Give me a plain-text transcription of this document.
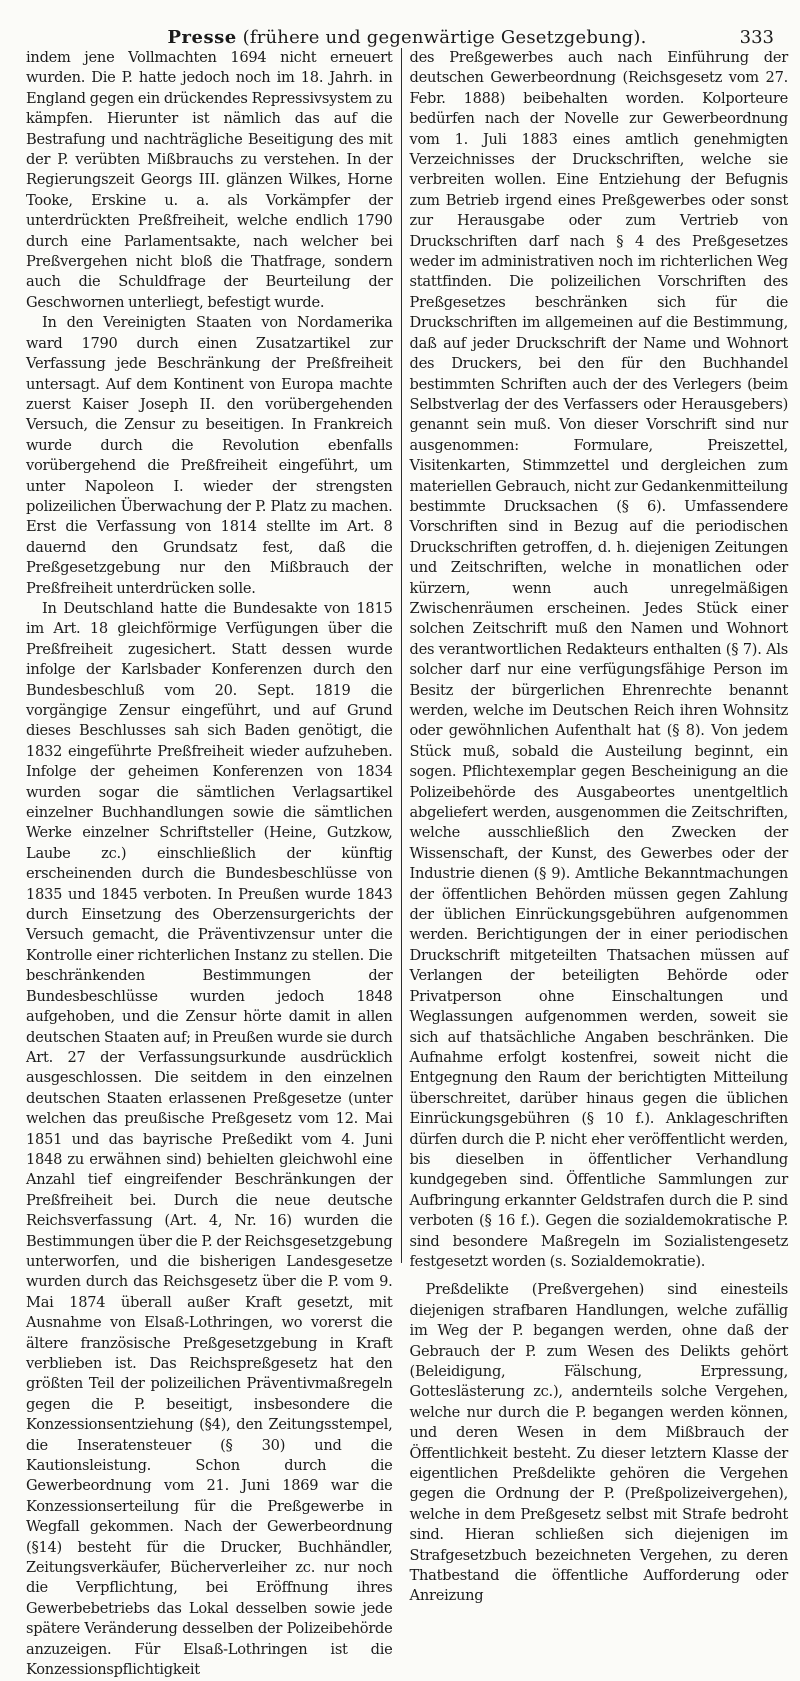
Presse (frühere und gegenwärtige Gesetzgebung).	333

indem jene Vollmachten 1694 nicht erneuert wurden. Die P. hatte jedoch noch im 18. Jahrh. in England gegen ein drückendes Repressivsystem zu kämpfen. Hierunter ist nämlich das auf die Bestrafung und nachträgliche Beseitigung des mit der P. verübten Mißbrauchs zu verstehen. In der Regierungszeit Georgs III. glänzen Wilkes, Horne Tooke, Erskine u. a. als Vorkämpfer der unterdrückten Preßfreiheit, welche endlich 1790 durch eine Parlamentsakte, nach welcher bei Preßvergehen nicht bloß die Thatfrage, sondern auch die Schuldfrage der Beurteilung der Geschwornen unterliegt, befestigt wurde.

In den Vereinigten Staaten von Nordamerika ward 1790 durch einen Zusatzartikel zur Verfassung jede Beschränkung der Preßfreiheit untersagt. Auf dem Kontinent von Europa machte zuerst Kaiser Joseph II. den vorübergehenden Versuch, die Zensur zu beseitigen. In Frankreich wurde durch die Revolution ebenfalls vorübergehend die Preßfreiheit eingeführt, um unter Napoleon I. wieder der strengsten polizeilichen Überwachung der P. Platz zu machen. Erst die Verfassung von 1814 stellte im Art. 8 dauernd den Grundsatz fest, daß die Preßgesetzgebung nur den Mißbrauch der Preßfreiheit unterdrücken solle.

In Deutschland hatte die Bundesakte von 1815 im Art. 18 gleichförmige Verfügungen über die Preßfreiheit zugesichert. Statt dessen wurde infolge der Karlsbader Konferenzen durch den Bundesbeschluß vom 20. Sept. 1819 die vorgängige Zensur eingeführt, und auf Grund dieses Beschlusses sah sich Baden genötigt, die 1832 eingeführte Preßfreiheit wieder aufzuheben. Infolge der geheimen Konferenzen von 1834 wurden sogar die sämtlichen Verlagsartikel einzelner Buchhandlungen sowie die sämtlichen Werke einzelner Schriftsteller (Heine, Gutzkow, Laube zc.) einschließlich der künftig erscheinenden durch die Bundesbeschlüsse von 1835 und 1845 verboten. In Preußen wurde 1843 durch Einsetzung des Oberzensurgerichts der Versuch gemacht, die Präventivzensur unter die Kontrolle einer richterlichen Instanz zu stellen. Die beschränkenden Bestimmungen der Bundesbeschlüsse wurden jedoch 1848 aufgehoben, und die Zensur hörte damit in allen deutschen Staaten auf; in Preußen wurde sie durch Art. 27 der Verfassungsurkunde ausdrücklich ausgeschlossen. Die seitdem in den einzelnen deutschen Staaten erlassenen Preßgesetze (unter welchen das preußische Preßgesetz vom 12. Mai 1851 und das bayrische Preßedikt vom 4. Juni 1848 zu erwähnen sind) behielten gleichwohl eine Anzahl tief eingreifender Beschränkungen der Preßfreiheit bei. Durch die neue deutsche Reichsverfassung (Art. 4, Nr. 16) wurden die Bestimmungen über die P. der Reichsgesetzgebung unterworfen, und die bisherigen Landesgesetze wurden durch das Reichsgesetz über die P. vom 9. Mai 1874 überall außer Kraft gesetzt, mit Ausnahme von Elsaß-Lothringen, wo vorerst die ältere französische Preßgesetzgebung in Kraft verblieben ist. Das Reichspreßgesetz hat den größten Teil der polizeilichen Präventivmaßregeln gegen die P. beseitigt, insbesondere die Konzessionsentziehung (§4), den Zeitungsstempel, die Inseratensteuer (§ 30) und die Kautionsleistung. Schon durch die Gewerbeordnung vom 21. Juni 1869 war die Konzessionserteilung für die Preßgewerbe in Wegfall gekommen. Nach der Gewerbeordnung (§14) besteht für die Drucker, Buchhändler, Zeitungsverkäufer, Bücherverleiher zc. nur noch die Verpflichtung, bei Eröffnung ihres Gewerbebetriebs das Lokal desselben sowie jede spätere Veränderung desselben der Polizeibehörde anzuzeigen. Für Elsaß-Lothringen ist die Konzessionspflichtigkeit

des Preßgewerbes auch nach Einführung der deutschen Gewerbeordnung (Reichsgesetz vom 27. Febr. 1888) beibehalten worden. Kolporteure bedürfen nach der Novelle zur Gewerbeordnung vom 1. Juli 1883 eines amtlich genehmigten Verzeichnisses der Druckschriften, welche sie verbreiten wollen. Eine Entziehung der Befugnis zum Betrieb irgend eines Preßgewerbes oder sonst zur Herausgabe oder zum Vertrieb von Druckschriften darf nach § 4 des Preßgesetzes weder im administrativen noch im richterlichen Weg stattfinden. Die polizeilichen Vorschriften des Preßgesetzes beschränken sich für die Druckschriften im allgemeinen auf die Bestimmung, daß auf jeder Druckschrift der Name und Wohnort des Druckers, bei den für den Buchhandel bestimmten Schriften auch der des Verlegers (beim Selbstverlag der des Verfassers oder Herausgebers) genannt sein muß. Von dieser Vorschrift sind nur ausgenommen: Formulare, Preiszettel, Visitenkarten, Stimmzettel und dergleichen zum materiellen Gebrauch, nicht zur Gedankenmitteilung bestimmte Drucksachen (§ 6). Umfassendere Vorschriften sind in Bezug auf die periodischen Druckschriften getroffen, d. h. diejenigen Zeitungen und Zeitschriften, welche in monatlichen oder kürzern, wenn auch unregelmäßigen Zwischenräumen erscheinen. Jedes Stück einer solchen Zeitschrift muß den Namen und Wohnort des verantwortlichen Redakteurs enthalten (§ 7). Als solcher darf nur eine verfügungsfähige Person im Besitz der bürgerlichen Ehrenrechte benannt werden, welche im Deutschen Reich ihren Wohnsitz oder gewöhnlichen Aufenthalt hat (§ 8). Von jedem Stück muß, sobald die Austeilung beginnt, ein sogen. Pflichtexemplar gegen Bescheinigung an die Polizeibehörde des Ausgabeortes unentgeltlich abgeliefert werden, ausgenommen die Zeitschriften, welche ausschließlich den Zwecken der Wissenschaft, der Kunst, des Gewerbes oder der Industrie dienen (§ 9). Amtliche Bekanntmachungen der öffentlichen Behörden müssen gegen Zahlung der üblichen Einrückungsgebühren aufgenommen werden. Berichtigungen der in einer periodischen Druckschrift mitgeteilten Thatsachen müssen auf Verlangen der beteiligten Behörde oder Privatperson ohne Einschaltungen und Weglassungen aufgenommen werden, soweit sie sich auf thatsächliche Angaben beschränken. Die Aufnahme erfolgt kostenfrei, soweit nicht die Entgegnung den Raum der berichtigten Mitteilung überschreitet, darüber hinaus gegen die üblichen Einrückungsgebühren (§ 10 f.). Anklageschriften dürfen durch die P. nicht eher veröffentlicht werden, bis dieselben in öffentlicher Verhandlung kundgegeben sind. Öffentliche Sammlungen zur Aufbringung erkannter Geldstrafen durch die P. sind verboten (§ 16 f.). Gegen die sozialdemokratische P. sind besondere Maßregeln im Sozialistengesetz festgesetzt worden (s. Sozialdemokratie).

Preßdelikte (Preßvergehen) sind einesteils diejenigen strafbaren Handlungen, welche zufällig im Weg der P. begangen werden, ohne daß der Gebrauch der P. zum Wesen des Delikts gehört (Beleidigung, Fälschung, Erpressung, Gotteslästerung zc.), andernteils solche Vergehen, welche nur durch die P. begangen werden können, und deren Wesen in dem Mißbrauch der Öffentlichkeit besteht. Zu dieser letztern Klasse der eigentlichen Preßdelikte gehören die Vergehen gegen die Ordnung der P. (Preßpolizeivergehen), welche in dem Preßgesetz selbst mit Strafe bedroht sind. Hieran schließen sich diejenigen im Strafgesetzbuch bezeichneten Vergehen, zu deren Thatbestand die öffentliche Aufforderung oder Anreizung
